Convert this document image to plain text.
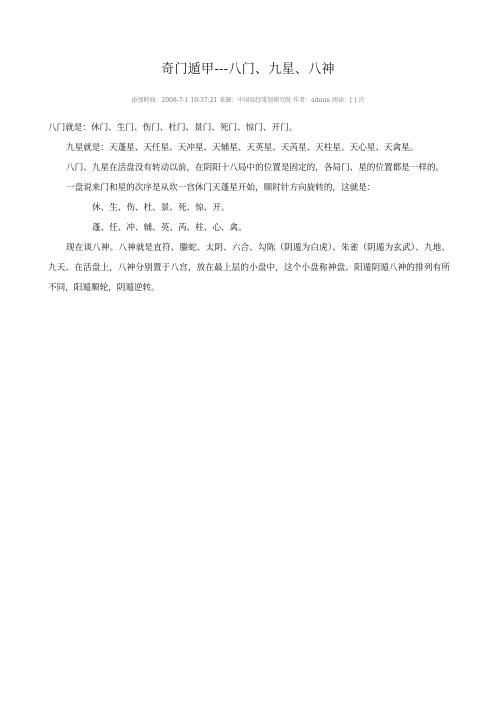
奇门遁甲---八门、九星、八神
添加时间：2008-7-1 10:37:21 来源：中国易经策划研究院 作者：admin 阅读：[ ] 次

八门就是：休门、生门、伤门、杜门、景门、死门、惊门、开门。

九星就是：天蓬星、天任星、天冲星、天辅星、天英星、天芮星、天柱星、天心星、天禽星。

八门、九星在活盘没有转动以前，在阴阳十八局中的位置是固定的，各局门、星的位置都是一样的。

一盘说来门和星的次序是从坎一宫休门天蓬星开始，顺时针方向旋转的，这就是：

休、生、伤、杜、景、死、惊、开。

蓬、任、冲、辅、英、芮、柱、心、禽。

现在谈八神。八神就是直符、螣蛇、太阴、六合、勾陈（阴遁为白虎）、朱雀（阴遁为玄武）、九地、九天。在活盘上，八神分别置于八宫，放在最上层的小盘中，这个小盘称神盘。阳遁阴遁八神的排列有所不同，阳遁顺轮，阴遁逆转。
